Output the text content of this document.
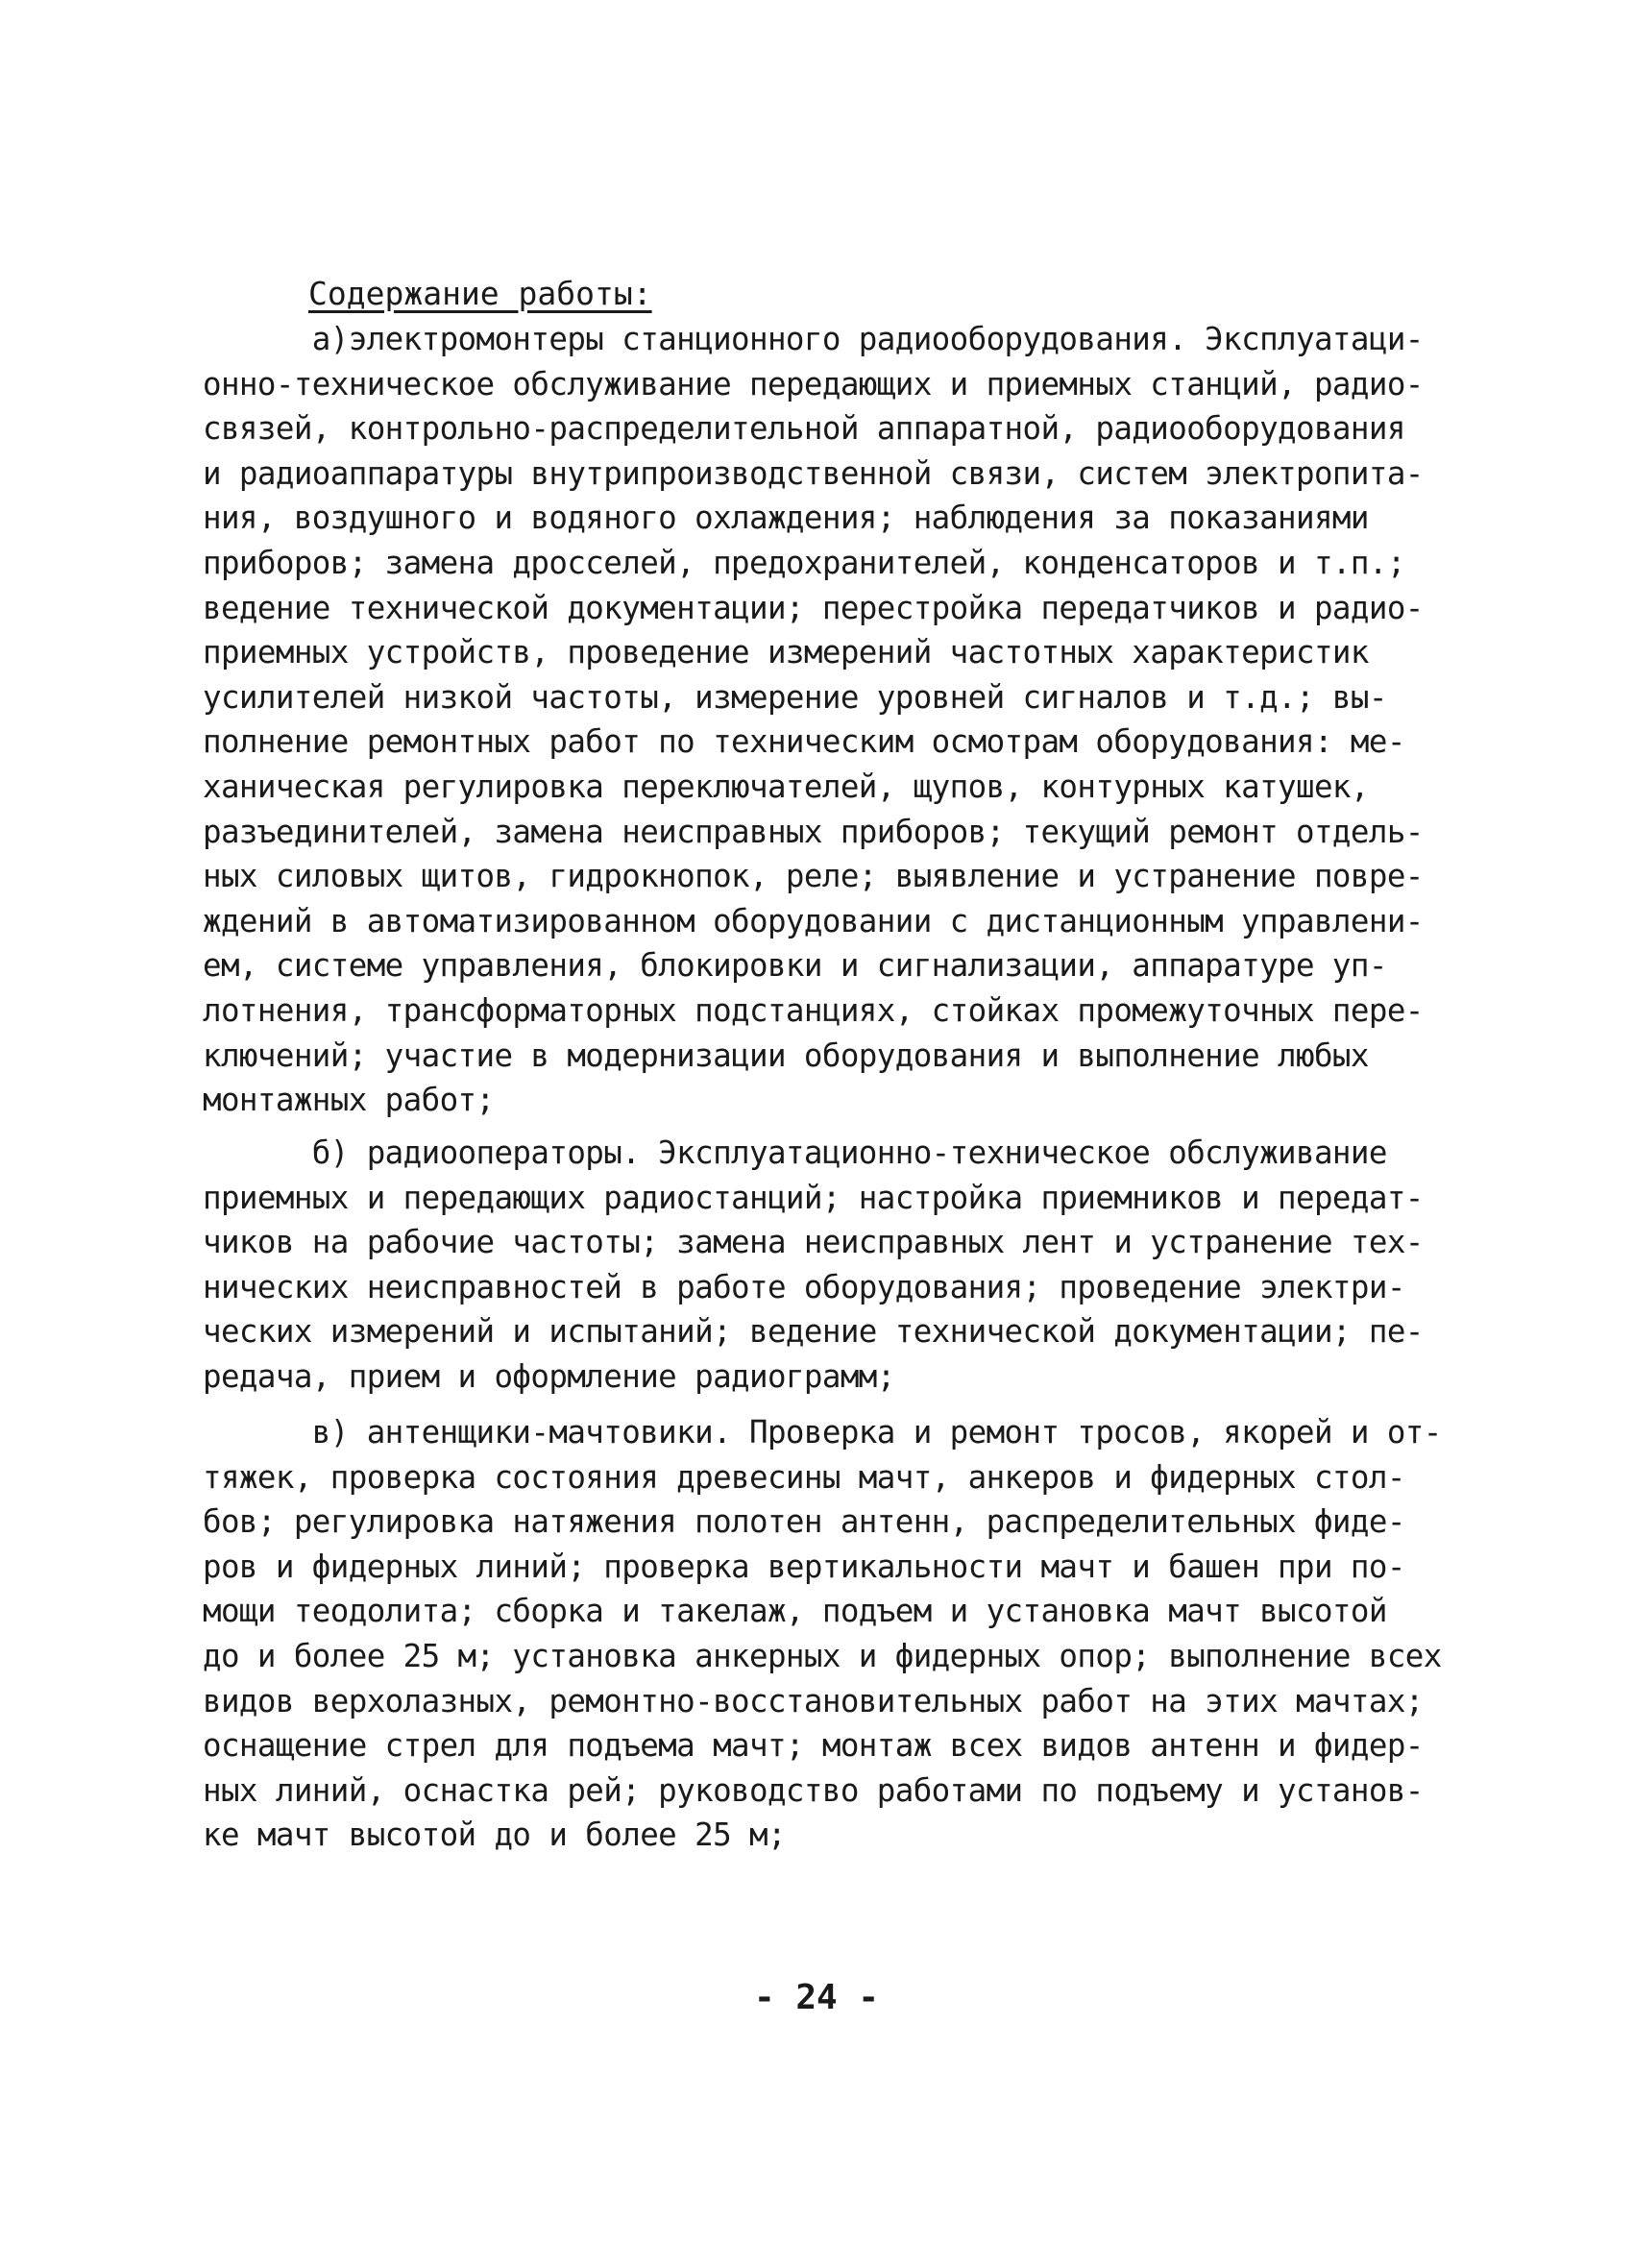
Содержание работы:
а)электромонтеры станционного радиооборудования. Эксплуатаци-
онно-техническое обслуживание передающих и приемных станций, радио-
связей, контрольно-распределительной аппаратной, радиооборудования
и радиоаппаратуры внутрипроизводственной связи, систем электропита-
ния, воздушного и водяного охлаждения; наблюдения за показаниями
приборов; замена дросселей, предохранителей, конденсаторов и т.п.;
ведение технической документации; перестройка передатчиков и радио-
приемных устройств, проведение измерений частотных характеристик
усилителей низкой частоты, измерение уровней сигналов и т.д.; вы-
полнение ремонтных работ по техническим осмотрам оборудования: ме-
ханическая регулировка переключателей, щупов, контурных катушек,
разъединителей, замена неисправных приборов; текущий ремонт отдель-
ных силовых щитов, гидрокнопок, реле; выявление и устранение повре-
ждений в автоматизированном оборудовании с дистанционным управлени-
ем, системе управления, блокировки и сигнализации, аппаратуре уп-
лотнения, трансформаторных подстанциях, стойках промежуточных пере-
ключений; участие в модернизации оборудования и выполнение любых
монтажных работ;
б) радиооператоры. Эксплуатационно-техническое обслуживание
приемных и передающих радиостанций; настройка приемников и передат-
чиков на рабочие частоты; замена неисправных лент и устранение тех-
нических неисправностей в работе оборудования; проведение электри-
ческих измерений и испытаний; ведение технической документации; пе-
редача, прием и оформление радиограмм;
в) антенщики-мачтовики. Проверка и ремонт тросов, якорей и от-
тяжек, проверка состояния древесины мачт, анкеров и фидерных стол-
бов; регулировка натяжения полотен антенн, распределительных фиде-
ров и фидерных линий; проверка вертикальности мачт и башен при по-
мощи теодолита; сборка и такелаж, подъем и установка мачт высотой
до и более 25 м; установка анкерных и фидерных опор; выполнение всех
видов верхолазных, ремонтно-восстановительных работ на этих мачтах;
оснащение стрел для подъема мачт; монтаж всех видов антенн и фидер-
ных линий, оснастка рей; руководство работами по подъему и установ-
ке мачт высотой до и более 25 м;
- 24 -
